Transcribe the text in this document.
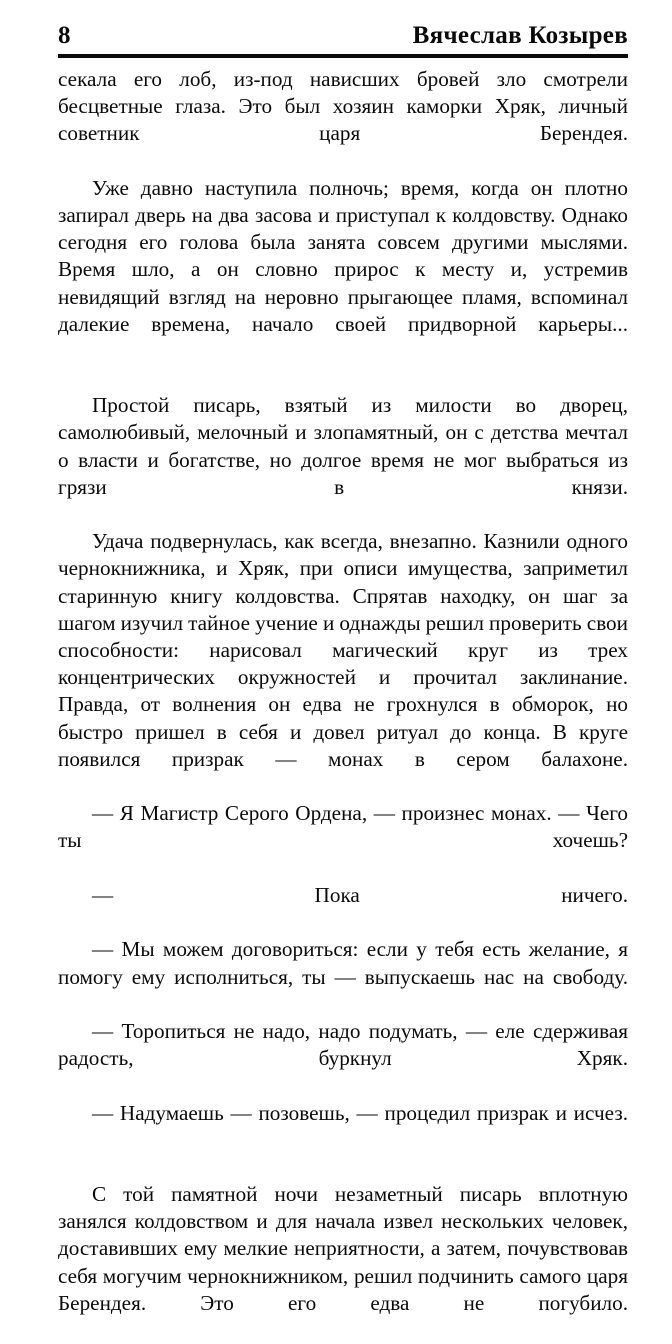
8	Вячеслав Козырев

секала его лоб, из-под нависших бровей зло смотрели бесцветные глаза. Это был хозяин каморки Хряк, личный советник царя Берендея.

Уже давно наступила полночь; время, когда он плотно запирал дверь на два засова и приступал к колдовству. Однако сегодня его голова была занята совсем другими мыслями. Время шло, а он словно прирос к месту и, устремив невидящий взгляд на неровно прыгающее пламя, вспоминал далекие времена, начало своей придворной карьеры...

Простой писарь, взятый из милости во дворец, самолюбивый, мелочный и злопамятный, он с детства мечтал о власти и богатстве, но долгое время не мог выбраться из грязи в князи.

Удача подвернулась, как всегда, внезапно. Казнили одного чернокнижника, и Хряк, при описи имущества, заприметил старинную книгу колдовства. Спрятав находку, он шаг за шагом изучил тайное учение и однажды решил проверить свои способности: нарисовал магический круг из трех концентрических окружностей и прочитал заклинание. Правда, от волнения он едва не грохнулся в обморок, но быстро пришел в себя и довел ритуал до конца. В круге появился призрак — монах в сером балахоне.

— Я Магистр Серого Ордена, — произнес монах. — Чего ты хочешь?

— Пока ничего.

— Мы можем договориться: если у тебя есть желание, я помогу ему исполниться, ты — выпускаешь нас на свободу.

— Торопиться не надо, надо подумать, — еле сдерживая радость, буркнул Хряк.

— Надумаешь — позовешь, — процедил призрак и исчез.

С той памятной ночи незаметный писарь вплотную занялся колдовством и для начала извел нескольких человек, доставивших ему мелкие неприятности, а затем, почувствовав себя могучим чернокнижником, решил подчинить самого царя Берендея. Это его едва не погубило.
